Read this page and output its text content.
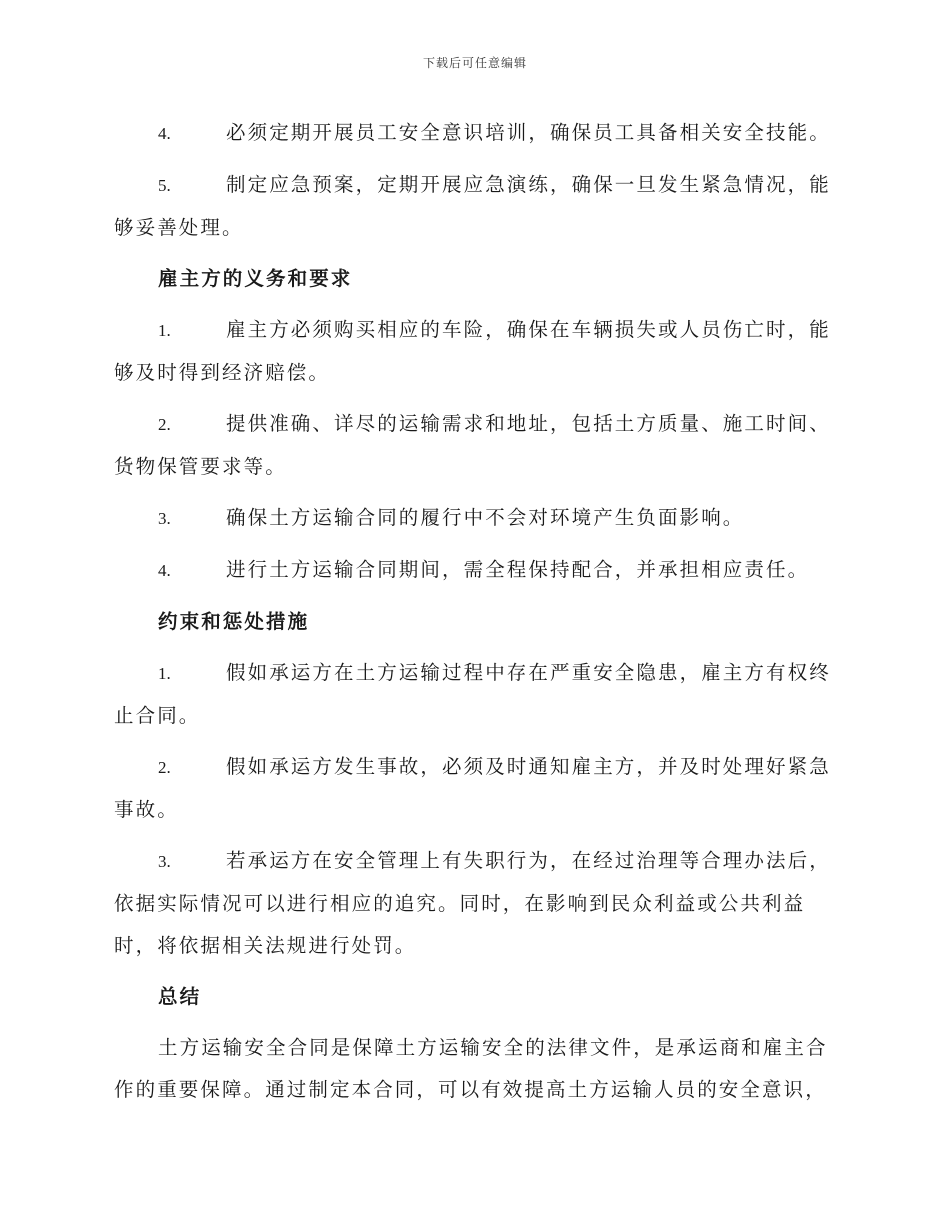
下载后可任意编辑

4.	必须定期开展员工安全意识培训，确保员工具备相关安全技能。

5.	制定应急预案，定期开展应急演练，确保一旦发生紧急情况，能够妥善处理。

雇主方的义务和要求

1.	雇主方必须购买相应的车险，确保在车辆损失或人员伤亡时，能够及时得到经济赔偿。

2.	提供准确、详尽的运输需求和地址，包括土方质量、施工时间、货物保管要求等。

3.	确保土方运输合同的履行中不会对环境产生负面影响。

4.	进行土方运输合同期间，需全程保持配合，并承担相应责任。

约束和惩处措施

1.	假如承运方在土方运输过程中存在严重安全隐患，雇主方有权终止合同。

2.	假如承运方发生事故，必须及时通知雇主方，并及时处理好紧急事故。

3.	若承运方在安全管理上有失职行为，在经过治理等合理办法后，依据实际情况可以进行相应的追究。同时，在影响到民众利益或公共利益时，将依据相关法规进行处罚。

总结

土方运输安全合同是保障土方运输安全的法律文件，是承运商和雇主合作的重要保障。通过制定本合同，可以有效提高土方运输人员的安全意识，
